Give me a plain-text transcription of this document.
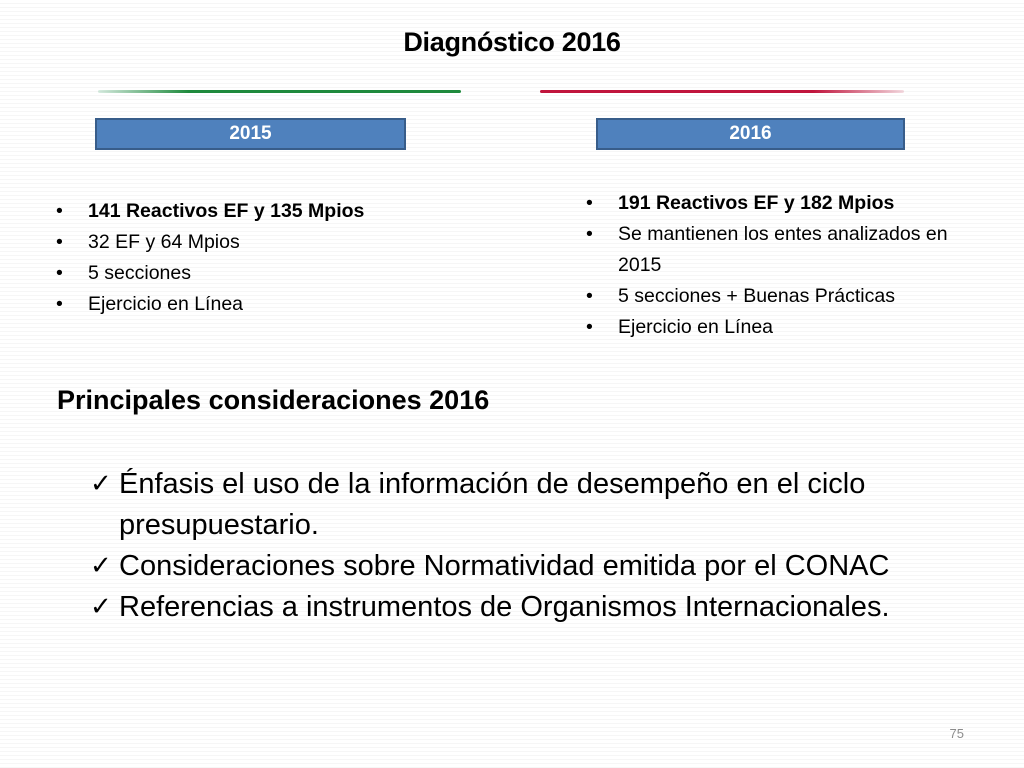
Diagnóstico 2016
2015	2016
•	141 Reactivos EF y 135 Mpios
•	32 EF y 64 Mpios
•	5 secciones
•	Ejercicio en Línea
•	191 Reactivos EF y 182 Mpios
•	Se mantienen los entes analizados en 2015
•	5 secciones + Buenas Prácticas
•	Ejercicio en Línea
Principales consideraciones 2016
✓ Énfasis el uso de la información de desempeño en el ciclo presupuestario.
✓ Consideraciones sobre Normatividad emitida por el CONAC
✓ Referencias a instrumentos de Organismos Internacionales.
75
